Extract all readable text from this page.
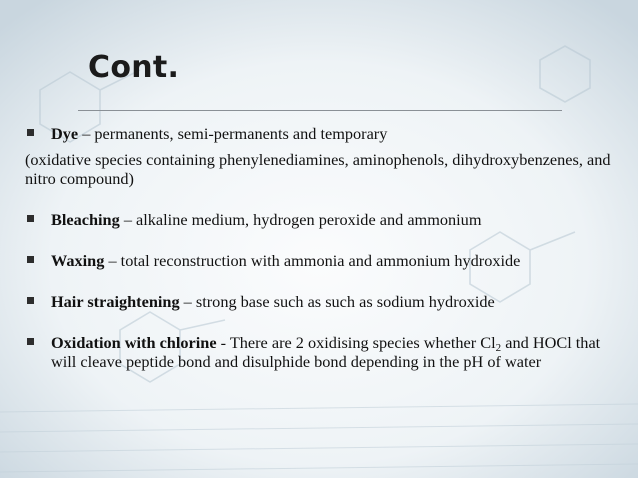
Cont.
Dye – permanents, semi-permanents and temporary
(oxidative species containing phenylenediamines, aminophenols, dihydroxybenzenes, and nitro compound)
Bleaching – alkaline medium, hydrogen peroxide and ammonium
Waxing – total reconstruction with ammonia and ammonium hydroxide
Hair straightening – strong base such as such as sodium hydroxide
Oxidation with chlorine - There are 2 oxidising species whether $Cl_2$ and HOCl that will cleave peptide bond and disulphide bond depending in the pH of water
